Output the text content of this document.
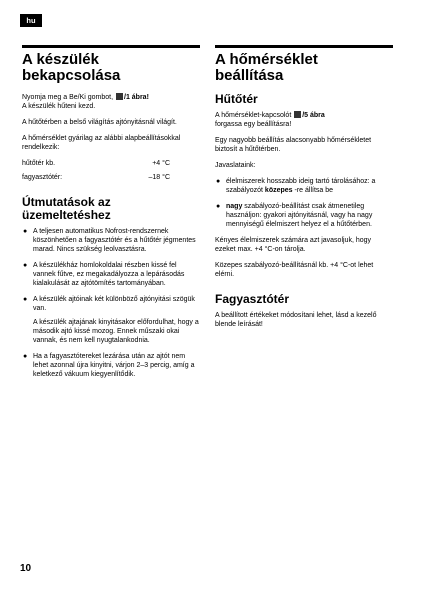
hu
A készülék
bekapcsolása

Nyomja meg a Be/Ki gombot, /1 ábra!
A készülék hűteni kezd.

A hűtőtérben a belső világítás ajtónyitásnál világít.

A hőmérséklet gyárilag az alábbi alapbeállításokkal rendelkezik:

hűtőtér kb.	+4 °C
fagyasztótér:	–18 °C
Útmutatások az
üzemeltetéshez
● A teljesen automatikus Nofrost-rendszernek köszönhetően a fagyasztótér és a hűtőtér jégmentes marad. Nincs szükség leolvasztásra.
● A készülékház homlokoldalai részben kissé fel vannek fűtve, ez megakadályozza a lepárásodás kialakulását az ajtótömítés tartományában.
● A készülék ajtóinak két különböző ajtónyitási szögük van.
A készülék ajtajának kinyitásakor előfordulhat, hogy a második ajtó kissé mozog. Ennek műszaki okai vannak, és nem kell nyugtalankodnia.
● Ha a fagyasztótereket lezárása után az ajtót nem lehet azonnal újra kinyitni, várjon 2–3 percig, amíg a keletkező vákuum kiegyenlítődik.
A hőmérséklet
beállítása
Hűtőtér

A hőmérséklet-kapcsolót /5 ábra
forgassa egy beállításra!

Egy nagyobb beállítás alacsonyabb hőmérsékletet biztosít a hűtőtérben.

Javaslataink:

● élelmiszerek hosszabb ideig tartó tárolásához: a szabályozót közepes -re állítsa be
● nagy szabályozó-beállítást csak átmenetileg használjon: gyakori ajtónyitásnál, vagy ha nagy mennyiségű élelmiszert helyez el a hűtőtérben.

Kényes élelmiszerek számára azt javasoljuk, hogy ezeket max. +4 °C-on tárolja.

Közepes szabályozó-beállításnál kb. +4 °C-ot lehet elérni.

Fagyasztótér

A beállított értékeket módosítani lehet, lásd a kezelő blende leírását!

10
